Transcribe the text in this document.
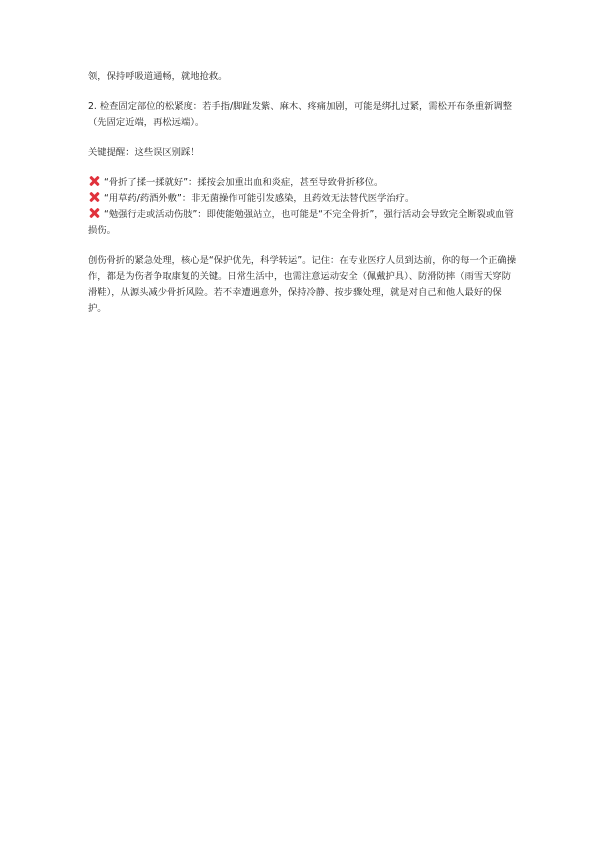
领，保持呼吸道通畅，就地抢救。

2. 检查固定部位的松紧度：若手指/脚趾发紫、麻木、疼痛加剧，可能是绑扎过紧，需松开布条重新调整（先固定近端，再松远端）。

关键提醒：这些误区别踩！

“骨折了揉一揉就好”：揉按会加重出血和炎症，甚至导致骨折移位。
“用草药/药酒外敷”：非无菌操作可能引发感染，且药效无法替代医学治疗。
“勉强行走或活动伤肢”：即使能勉强站立，也可能是“不完全骨折”，强行活动会导致完全断裂或血管损伤。

创伤骨折的紧急处理，核心是“保护优先，科学转运”。记住：在专业医疗人员到达前，你的每一个正确操作，都是为伤者争取康复的关键。日常生活中，也需注意运动安全（佩戴护具）、防滑防摔（雨雪天穿防滑鞋），从源头减少骨折风险。若不幸遭遇意外，保持冷静、按步骤处理，就是对自己和他人最好的保护。
